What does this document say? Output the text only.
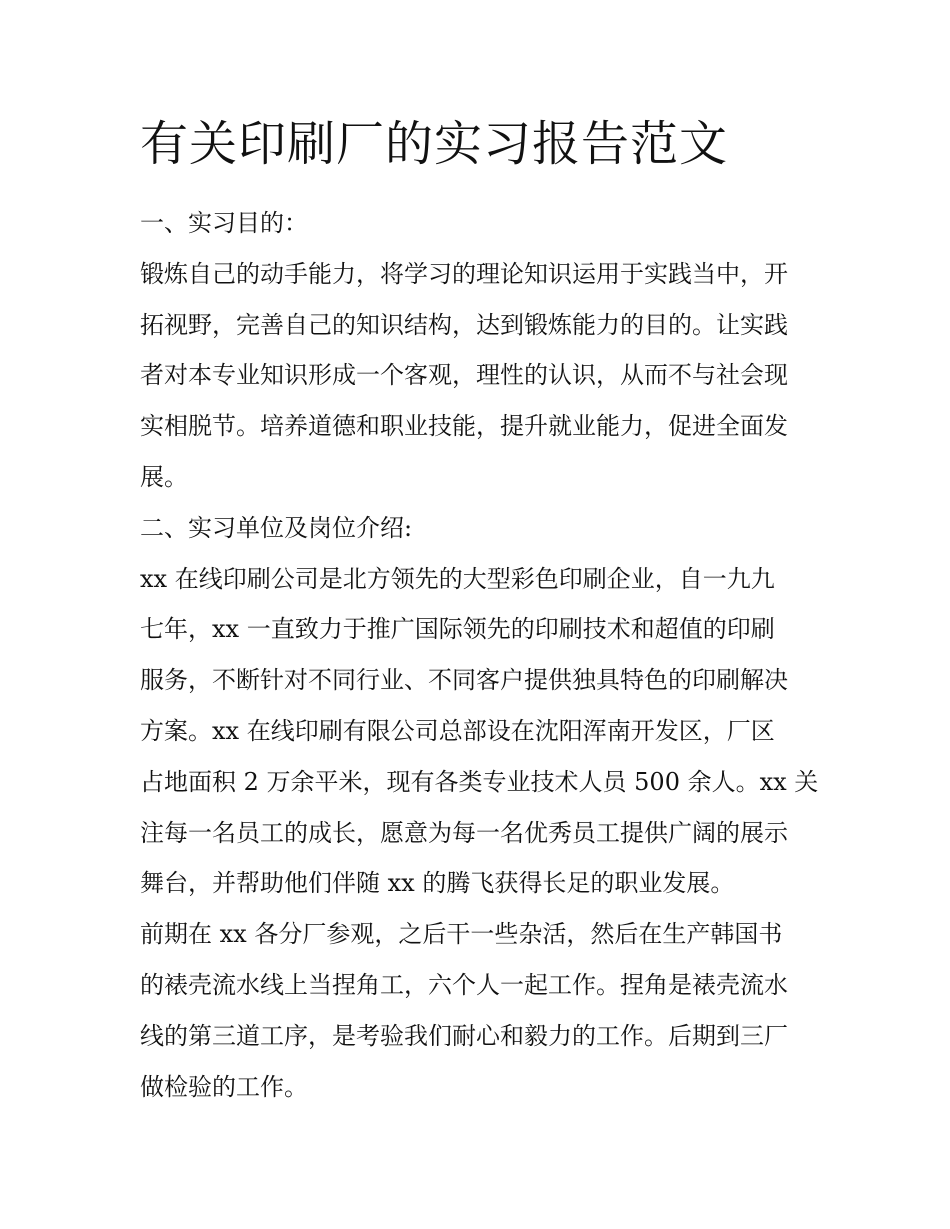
有关印刷厂的实习报告范文
一、实习目的：
锻炼自己的动手能力，将学习的理论知识运用于实践当中，开
拓视野，完善自己的知识结构，达到锻炼能力的目的。让实践
者对本专业知识形成一个客观，理性的认识，从而不与社会现
实相脱节。培养道德和职业技能，提升就业能力，促进全面发
展。
二、实习单位及岗位介绍:
xx 在线印刷公司是北方领先的大型彩色印刷企业，自一九九
七年，xx 一直致力于推广国际领先的印刷技术和超值的印刷
服务，不断针对不同行业、不同客户提供独具特色的印刷解决
方案。xx 在线印刷有限公司总部设在沈阳浑南开发区，厂区
占地面积 2 万余平米，现有各类专业技术人员 500 余人。xx 关
注每一名员工的成长，愿意为每一名优秀员工提供广阔的展示
舞台，并帮助他们伴随 xx 的腾飞获得长足的职业发展。
前期在 xx 各分厂参观，之后干一些杂活，然后在生产韩国书
的裱壳流水线上当捏角工，六个人一起工作。捏角是裱壳流水
线的第三道工序，是考验我们耐心和毅力的工作。后期到三厂
做检验的工作。
